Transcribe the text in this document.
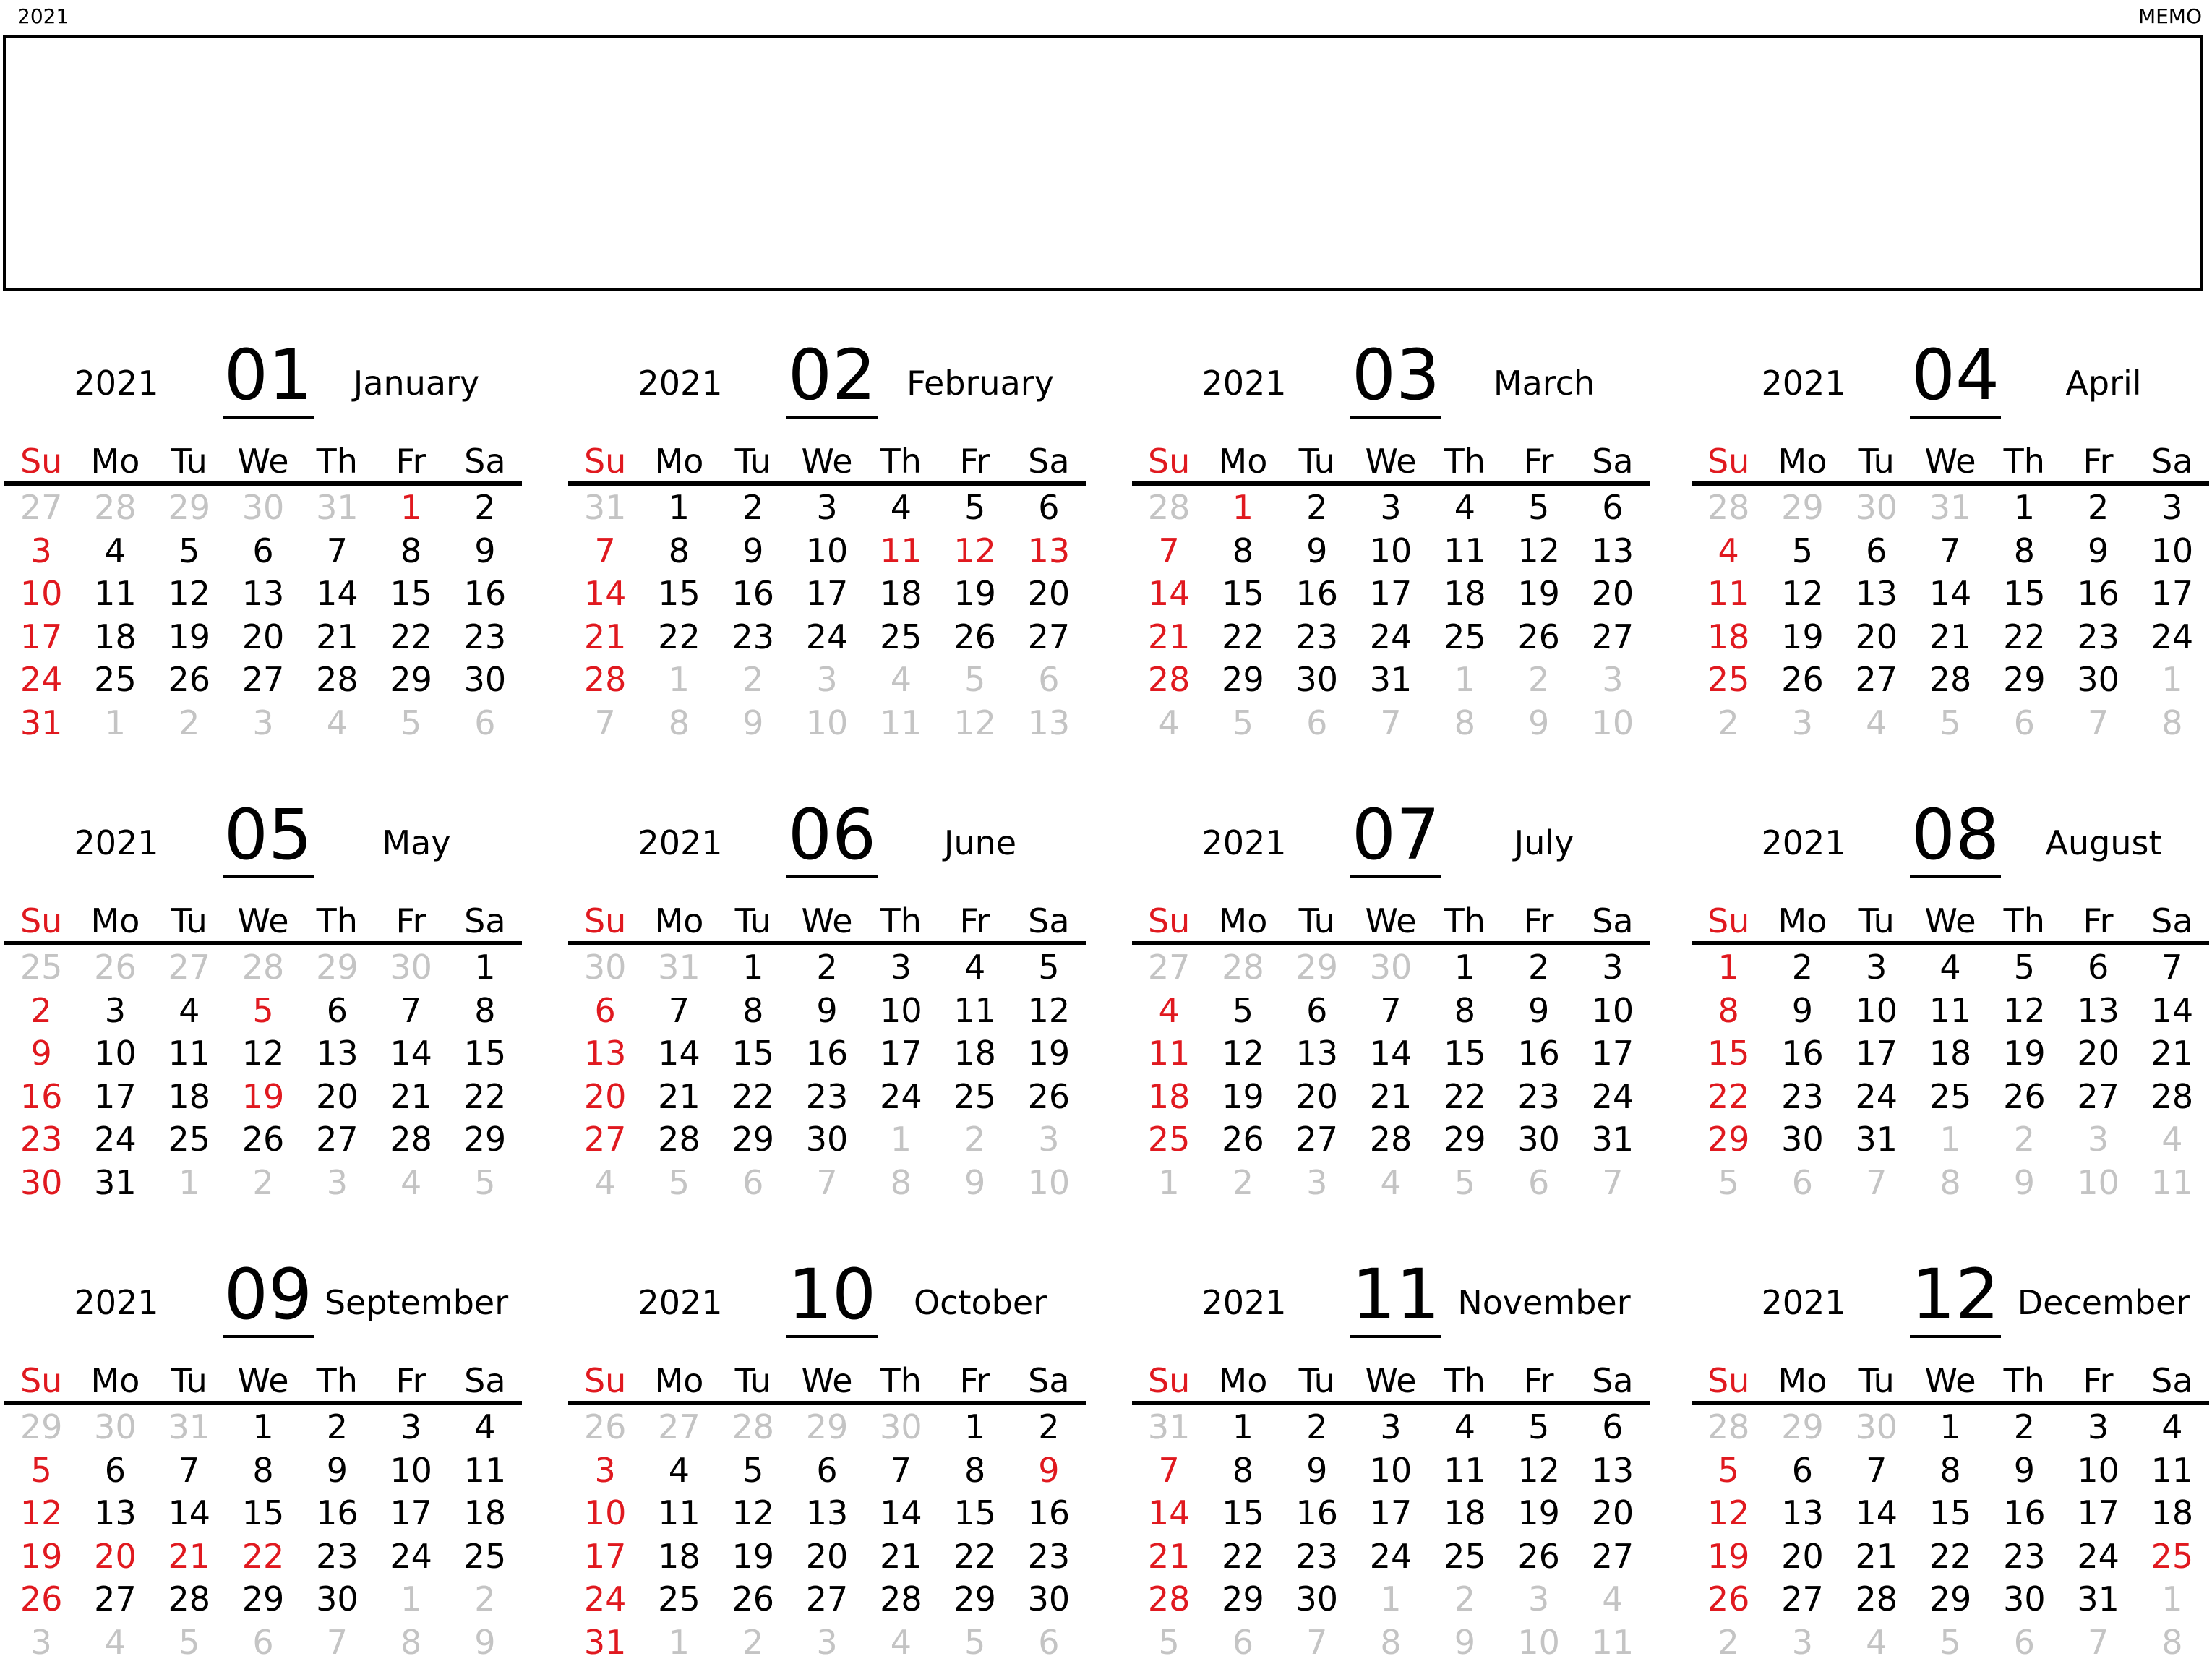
2021	MEMO
2021 01	January
Su Mo Tu We Th	Fr	Sa
27 28 29 30 31	1	2
3	4	5	6	7	8	9
10 11 12 13 14 15 16
17 18 19 20 21 22 23
24 25 26 27 28 29 30
31	1	2	3	4	5	6
2021 02 February
Su Mo Tu We Th	Fr	Sa
31	1	2	3	4	5	6
7	8	9	10 11 12 13
14 15 16 17 18 19 20
21 22 23 24 25 26 27
28	1	2	3	4	5	6
7	8	9	10 11 12 13
2021 03	March
Su Mo Tu We Th	Fr	Sa
28	1	2	3	4	5	6
7	8	9	10 11 12 13
14 15 16 17 18 19 20
21 22 23 24 25 26 27
28 29 30 31	1	2	3
4	5	6	7	8	9	10
2021 04	April
Su Mo Tu We Th	Fr	Sa
28 29 30 31	1	2	3
4	5	6	7	8	9	10
11 12 13 14 15 16 17
18 19 20 21 22 23 24
25 26 27 28 29 30	1
2	3	4	5	6	7	8
2021 05	May
Su Mo Tu We Th	Fr	Sa
25 26 27 28 29 30	1
2	3	4	5	6	7	8
9	10 11 12 13 14 15
16 17 18 19 20 21 22
23 24 25 26 27 28 29
30 31	1	2	3	4	5
2021 06	June
Su Mo Tu We Th	Fr	Sa
30 31	1	2	3	4	5
6	7	8	9	10 11 12
13 14 15 16 17 18 19
20 21 22 23 24 25 26
27 28 29 30	1	2	3
4	5	6	7	8	9	10
2021 07	July
Su Mo Tu We Th	Fr	Sa
27 28 29 30	1	2	3
4	5	6	7	8	9	10
11 12 13 14 15 16 17
18 19 20 21 22 23 24
25 26 27 28 29 30 31
1	2	3	4	5	6	7
2021 08	August
Su Mo Tu We Th	Fr	Sa
1	2	3	4	5	6	7
8	9	10 11 12 13 14
15 16 17 18 19 20 21
22 23 24 25 26 27 28
29 30 31	1	2	3	4
5	6	7	8	9	10 11
2021 09 September
Su Mo Tu We Th	Fr	Sa
29 30 31	1	2	3	4
5	6	7	8	9	10 11
12 13 14 15 16 17 18
19 20 21 22 23 24 25
26 27 28 29 30	1	2
3	4	5	6	7	8	9
2021 10	October
Su Mo Tu We Th	Fr	Sa
26 27 28 29 30	1	2
3	4	5	6	7	8	9
10 11 12 13 14 15 16
17 18 19 20 21 22 23
24 25 26 27 28 29 30
31	1	2	3	4	5	6
2021 11 November
Su Mo Tu We Th	Fr	Sa
31	1	2	3	4	5	6
7	8	9	10 11 12 13
14 15 16 17 18 19 20
21 22 23 24 25 26 27
28 29 30	1	2	3	4
5	6	7	8	9	10 11
2021 12 December
Su Mo Tu We Th	Fr	Sa
28 29 30	1	2	3	4
5	6	7	8	9	10 11
12 13 14 15 16 17 18
19 20 21 22 23 24 25
26 27 28 29 30 31	1
2	3	4	5	6	7	8
